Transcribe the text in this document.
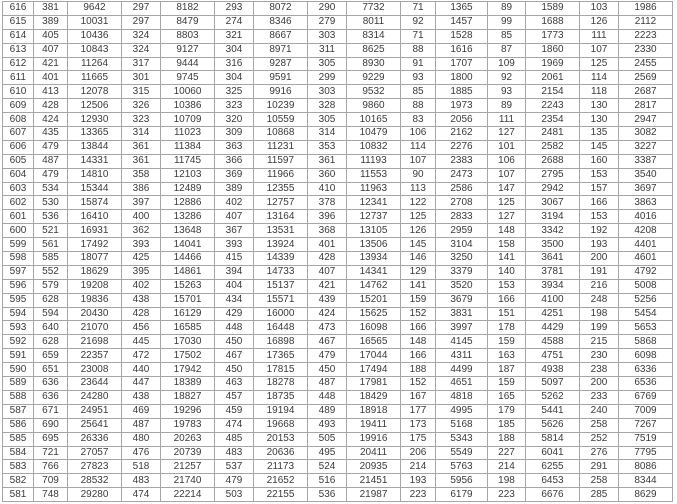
616	381	9642	297	8182	293	8072	290	7732	71	1365	89	1589	103	1986
615	389	10031	297	8479	274	8346	279	8011	92	1457	99	1688	126	2112
614	405	10436	324	8803	321	8667	303	8314	71	1528	85	1773	111	2223
613	407	10843	324	9127	304	8971	311	8625	88	1616	87	1860	107	2330
612	421	11264	317	9444	316	9287	305	8930	91	1707	109	1969	125	2455
611	401	11665	301	9745	304	9591	299	9229	93	1800	92	2061	114	2569
610	413	12078	315	10060	325	9916	303	9532	85	1885	93	2154	118	2687
609	428	12506	326	10386	323	10239	328	9860	88	1973	89	2243	130	2817
608	424	12930	323	10709	320	10559	305	10165	83	2056	111	2354	130	2947
607	435	13365	314	11023	309	10868	314	10479	106	2162	127	2481	135	3082
606	479	13844	361	11384	363	11231	353	10832	114	2276	101	2582	145	3227
605	487	14331	361	11745	366	11597	361	11193	107	2383	106	2688	160	3387
604	479	14810	358	12103	369	11966	360	11553	90	2473	107	2795	153	3540
603	534	15344	386	12489	389	12355	410	11963	113	2586	147	2942	157	3697
602	530	15874	397	12886	402	12757	378	12341	122	2708	125	3067	166	3863
601	536	16410	400	13286	407	13164	396	12737	125	2833	127	3194	153	4016
600	521	16931	362	13648	367	13531	368	13105	126	2959	148	3342	192	4208
599	561	17492	393	14041	393	13924	401	13506	145	3104	158	3500	193	4401
598	585	18077	425	14466	415	14339	428	13934	146	3250	141	3641	200	4601
597	552	18629	395	14861	394	14733	407	14341	129	3379	140	3781	191	4792
596	579	19208	402	15263	404	15137	421	14762	141	3520	153	3934	216	5008
595	628	19836	438	15701	434	15571	439	15201	159	3679	166	4100	248	5256
594	594	20430	428	16129	429	16000	424	15625	152	3831	151	4251	198	5454
593	640	21070	456	16585	448	16448	473	16098	166	3997	178	4429	199	5653
592	628	21698	445	17030	450	16898	467	16565	148	4145	159	4588	215	5868
591	659	22357	472	17502	467	17365	479	17044	166	4311	163	4751	230	6098
590	651	23008	440	17942	450	17815	450	17494	188	4499	187	4938	238	6336
589	636	23644	447	18389	463	18278	487	17981	152	4651	159	5097	200	6536
588	636	24280	438	18827	457	18735	448	18429	167	4818	165	5262	233	6769
587	671	24951	469	19296	459	19194	489	18918	177	4995	179	5441	240	7009
586	690	25641	487	19783	474	19668	493	19411	173	5168	185	5626	258	7267
585	695	26336	480	20263	485	20153	505	19916	175	5343	188	5814	252	7519
584	721	27057	476	20739	483	20636	495	20411	206	5549	227	6041	276	7795
583	766	27823	518	21257	537	21173	524	20935	214	5763	214	6255	291	8086
582	709	28532	483	21740	479	21652	516	21451	193	5956	198	6453	258	8344
581	748	29280	474	22214	503	22155	536	21987	223	6179	223	6676	285	8629
